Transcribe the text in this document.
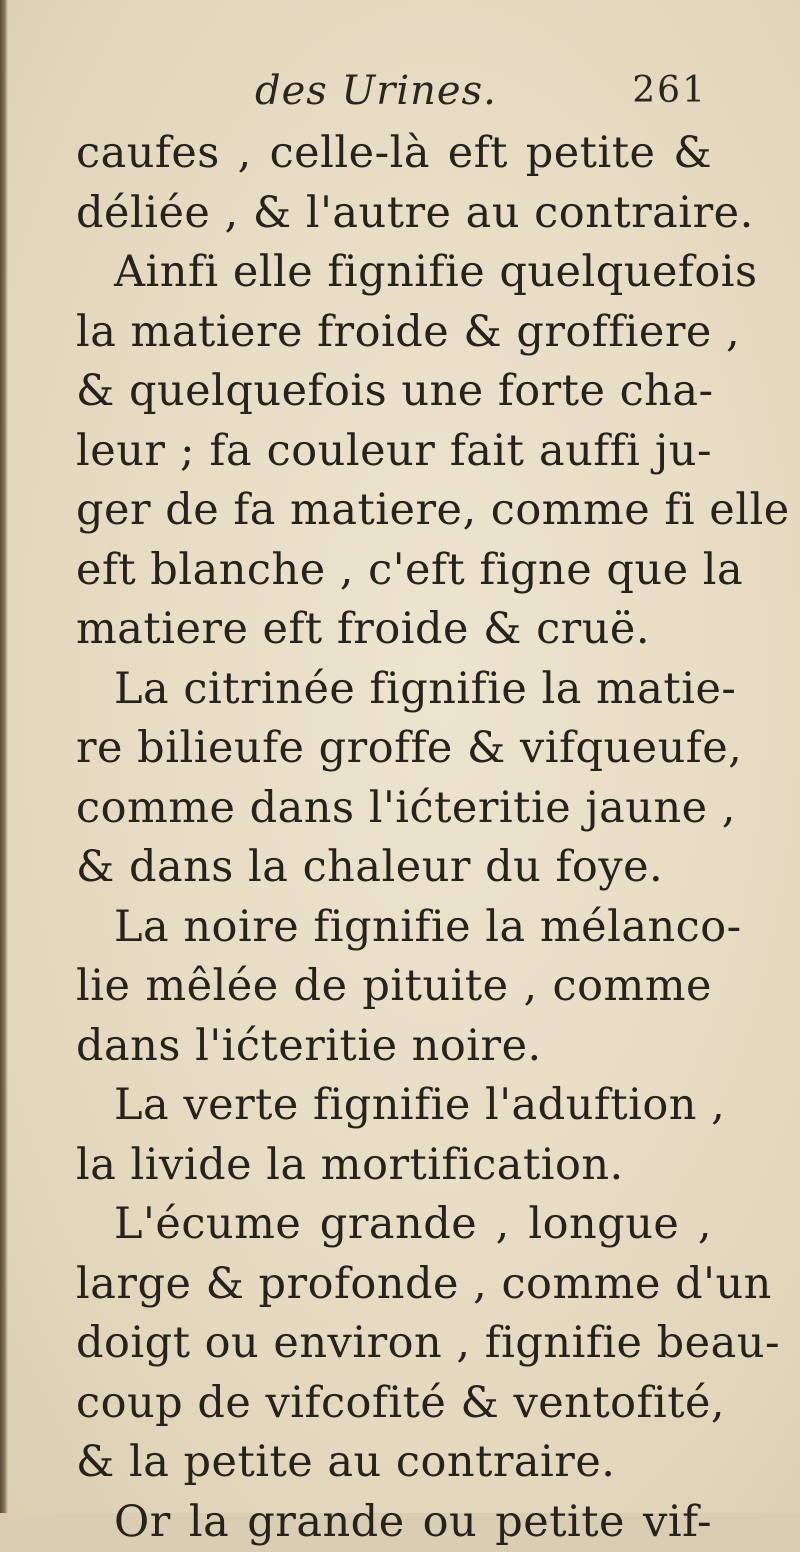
des Urines.	261
caufes , celle-là eft petite &
déliée , & l'autre au contraire.
Ainfi elle fignifie quelquefois
la matiere froide & groffiere ,
& quelquefois une forte cha-
leur ; fa couleur fait auffi ju-
ger de fa matiere, comme fi elle
eft blanche , c'eft figne que la
matiere eft froide & cruë.
La citrinée fignifie la matie-
re bilieufe groffe & vifqueufe,
comme dans l'ićteritie jaune ,
& dans la chaleur du foye.
La noire fignifie la mélanco-
lie mêlée de pituite , comme
dans l'ićteritie noire.
La verte fignifie l'aduftion ,
la livide la mortification.
L'écume grande , longue ,
large & profonde , comme d'un
doigt ou environ , fignifie beau-
coup de vifcofité & ventofité,
& la petite au contraire.
Or la grande ou petite vif-
